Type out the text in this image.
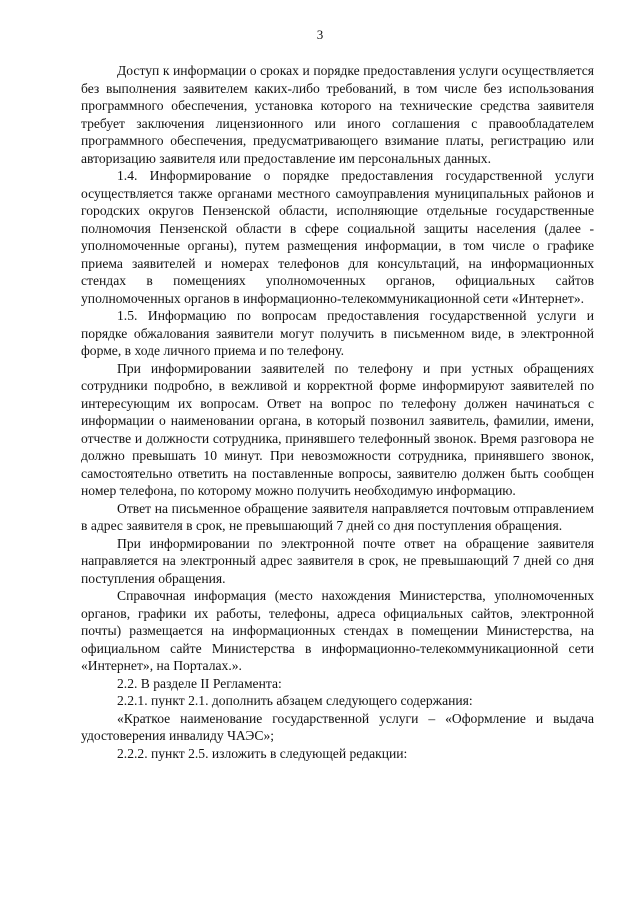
3

Доступ к информации о сроках и порядке предоставления услуги осуществляется без выполнения заявителем каких-либо требований, в том числе без использования программного обеспечения, установка которого на технические средства заявителя требует заключения лицензионного или иного соглашения с правообладателем программного обеспечения, предусматривающего взимание платы, регистрацию или авторизацию заявителя или предоставление им персональных данных.

1.4. Информирование о порядке предоставления государственной услуги осуществляется также органами местного самоуправления муниципальных районов и городских округов Пензенской области, исполняющие отдельные государственные полномочия Пензенской области в сфере социальной защиты населения (далее - уполномоченные органы), путем размещения информации, в том числе о графике приема заявителей и номерах телефонов для консультаций, на информационных стендах в помещениях уполномоченных органов, официальных сайтов уполномоченных органов в информационно-телекоммуникационной сети «Интернет».

1.5. Информацию по вопросам предоставления государственной услуги и порядке обжалования заявители могут получить в письменном виде, в электронной форме, в ходе личного приема и по телефону.

При информировании заявителей по телефону и при устных обращениях сотрудники подробно, в вежливой и корректной форме информируют заявителей по интересующим их вопросам. Ответ на вопрос по телефону должен начинаться с информации о наименовании органа, в который позвонил заявитель, фамилии, имени, отчестве и должности сотрудника, принявшего телефонный звонок. Время разговора не должно превышать 10 минут. При невозможности сотрудника, принявшего звонок, самостоятельно ответить на поставленные вопросы, заявителю должен быть сообщен номер телефона, по которому можно получить необходимую информацию.

Ответ на письменное обращение заявителя направляется почтовым отправлением в адрес заявителя в срок, не превышающий 7 дней со дня поступления обращения.

При информировании по электронной почте ответ на обращение заявителя направляется на электронный адрес заявителя в срок, не превышающий 7 дней со дня поступления обращения.

Справочная информация (место нахождения Министерства, уполномоченных органов, графики их работы, телефоны, адреса официальных сайтов, электронной почты) размещается на информационных стендах в помещении Министерства, на официальном сайте Министерства в информационно-телекоммуникационной сети «Интернет», на Порталах.».

2.2. В разделе II Регламента:

2.2.1. пункт 2.1. дополнить абзацем следующего содержания:

«Краткое наименование государственной услуги – «Оформление и выдача удостоверения инвалиду ЧАЭС»;

2.2.2. пункт 2.5. изложить в следующей редакции:
